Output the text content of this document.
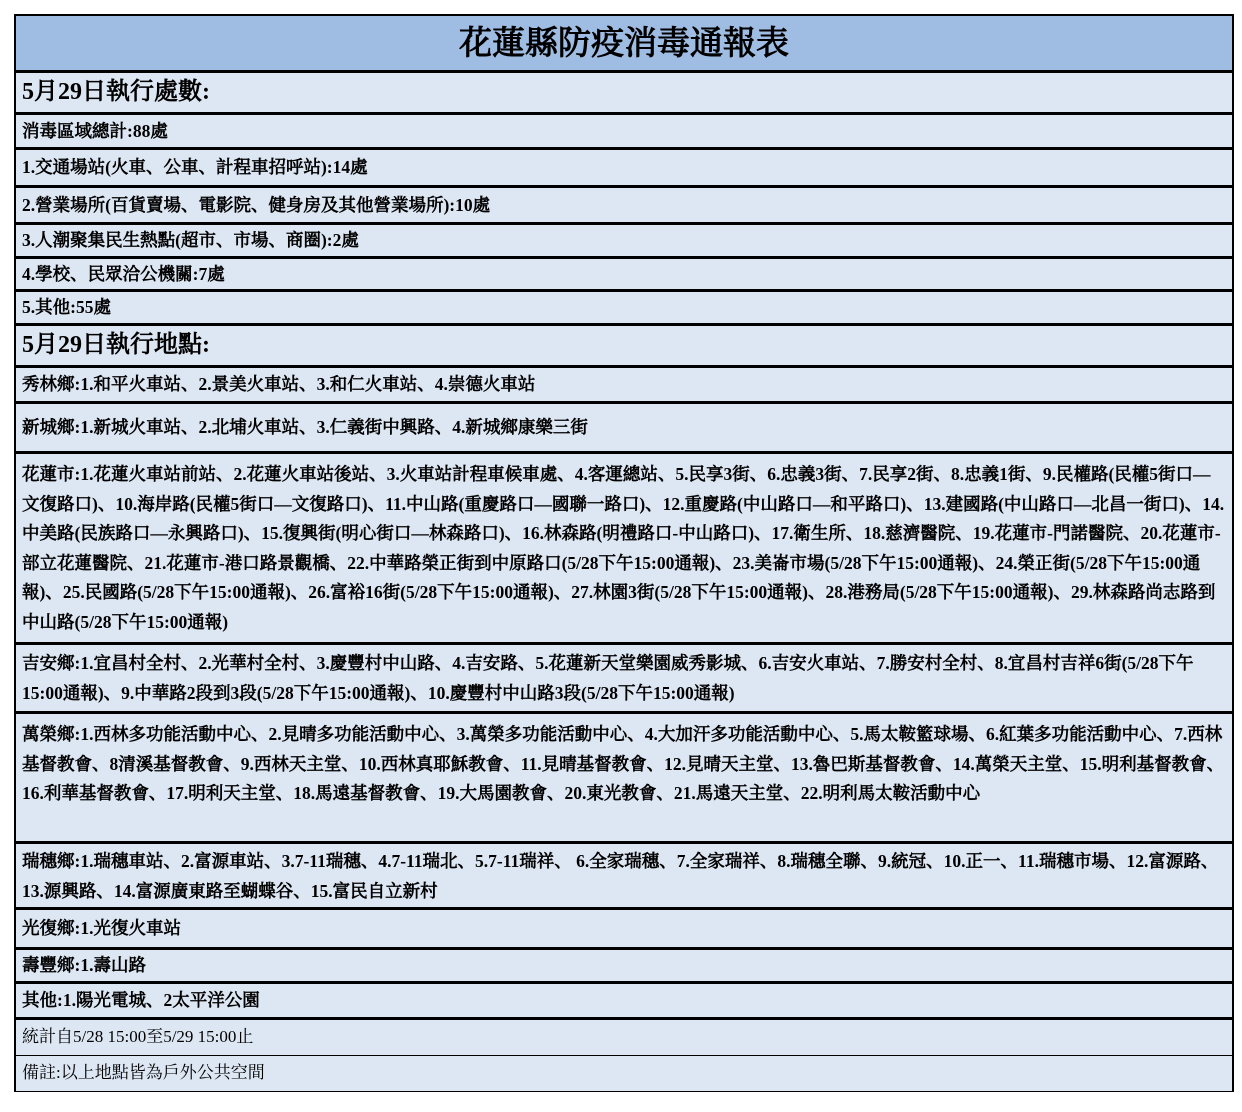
花蓮縣防疫消毒通報表
5月29日執行處數:
消毒區域總計:88處
1.交通場站(火車、公車、計程車招呼站):14處
2.營業場所(百貨賣場、電影院、健身房及其他營業場所):10處
3.人潮聚集民生熱點(超市、市場、商圈):2處
4.學校、民眾洽公機關:7處
5.其他:55處
5月29日執行地點:
秀林鄉:1.和平火車站、2.景美火車站、3.和仁火車站、4.崇德火車站
新城鄉:1.新城火車站、2.北埔火車站、3.仁義街中興路、4.新城鄉康樂三街
花蓮市:1.花蓮火車站前站、2.花蓮火車站後站、3.火車站計程車候車處、4.客運總站、5.民享3街、6.忠義3街、7.民享2街、8.忠義1街、9.民權路(民權5街口—文復路口)、10.海岸路(民權5街口—文復路口)、11.中山路(重慶路口—國聯一路口)、12.重慶路(中山路口—和平路口)、13.建國路(中山路口—北昌一街口)、14.中美路(民族路口—永興路口)、15.復興街(明心街口—林森路口)、16.林森路(明禮路口-中山路口)、17.衛生所、18.慈濟醫院、19.花蓮市-門諾醫院、20.花蓮市-部立花蓮醫院、21.花蓮市-港口路景觀橋、22.中華路榮正街到中原路口(5/28下午15:00通報)、23.美崙市場(5/28下午15:00通報)、24.榮正街(5/28下午15:00通報)、25.民國路(5/28下午15:00通報)、26.富裕16街(5/28下午15:00通報)、27.林園3街(5/28下午15:00通報)、28.港務局(5/28下午15:00通報)、29.林森路尚志路到中山路(5/28下午15:00通報)
吉安鄉:1.宜昌村全村、2.光華村全村、3.慶豐村中山路、4.吉安路、5.花蓮新天堂樂園威秀影城、6.吉安火車站、7.勝安村全村、8.宜昌村吉祥6街(5/28下午15:00通報)、9.中華路2段到3段(5/28下午15:00通報)、10.慶豐村中山路3段(5/28下午15:00通報)
萬榮鄉:1.西林多功能活動中心、2.見晴多功能活動中心、3.萬榮多功能活動中心、4.大加汗多功能活動中心、5.馬太鞍籃球場、6.紅葉多功能活動中心、7.西林基督教會、8清溪基督教會、9.西林天主堂、10.西林真耶穌教會、11.見晴基督教會、12.見晴天主堂、13.魯巴斯基督教會、14.萬榮天主堂、15.明利基督教會、16.利華基督教會、17.明利天主堂、18.馬遠基督教會、19.大馬園教會、20.東光教會、21.馬遠天主堂、22.明利馬太鞍活動中心
瑞穗鄉:1.瑞穗車站、2.富源車站、3.7-11瑞穗、4.7-11瑞北、5.7-11瑞祥、 6.全家瑞穗、7.全家瑞祥、8.瑞穗全聯、9.統冠、10.正一、11.瑞穗市場、12.富源路、13.源興路、14.富源廣東路至蝴蝶谷、15.富民自立新村
光復鄉:1.光復火車站
壽豐鄉:1.壽山路
其他:1.陽光電城、2太平洋公園
統計自5/28 15:00至5/29 15:00止
備註:以上地點皆為戶外公共空間
